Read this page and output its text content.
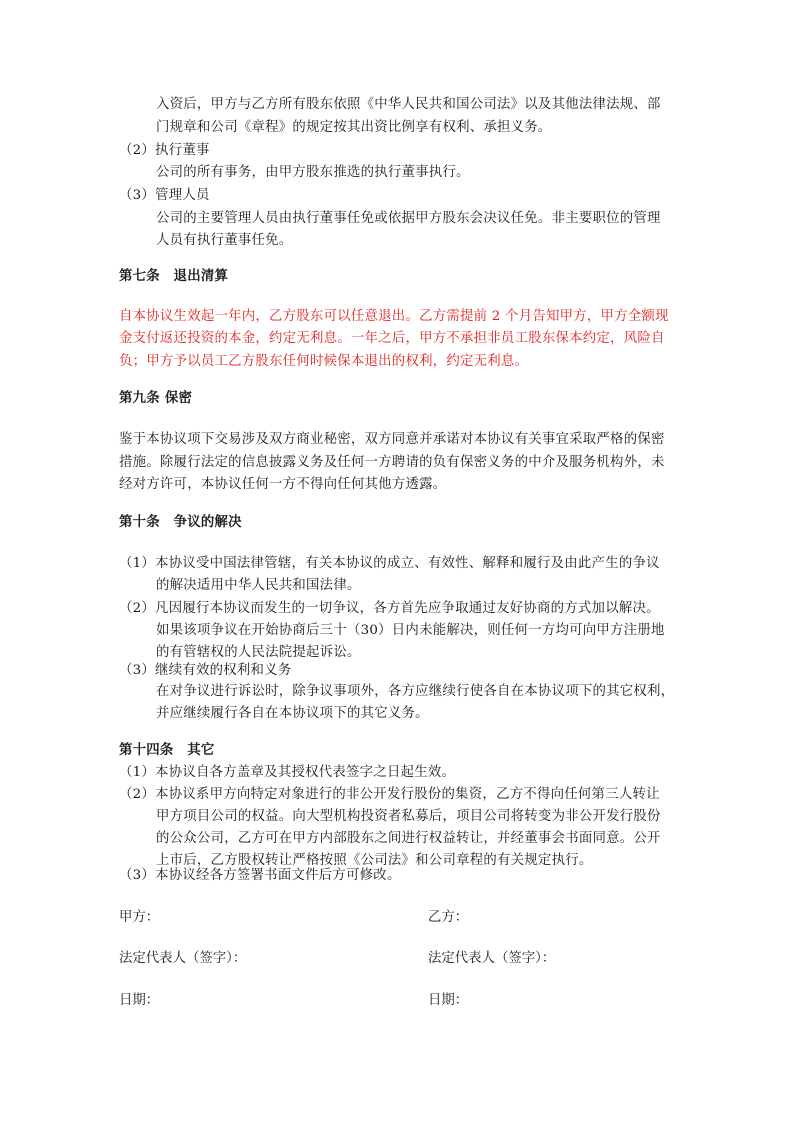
入资后，甲方与乙方所有股东依照《中华人民共和国公司法》以及其他法律法规、部
门规章和公司《章程》的规定按其出资比例享有权利、承担义务。
（2）执行董事
公司的所有事务，由甲方股东推选的执行董事执行。
（3）管理人员
公司的主要管理人员由执行董事任免或依据甲方股东会决议任免。非主要职位的管理
人员有执行董事任免。
第七条　退出清算
自本协议生效起一年内，乙方股东可以任意退出。乙方需提前 2 个月告知甲方，甲方全额现
金支付返还投资的本金，约定无利息。一年之后，甲方不承担非员工股东保本约定，风险自
负；甲方予以员工乙方股东任何时候保本退出的权利，约定无利息。
第九条 保密
鉴于本协议项下交易涉及双方商业秘密，双方同意并承诺对本协议有关事宜采取严格的保密
措施。除履行法定的信息披露义务及任何一方聘请的负有保密义务的中介及服务机构外，未
经对方许可，本协议任何一方不得向任何其他方透露。
第十条　争议的解决
（1）本协议受中国法律管辖，有关本协议的成立、有效性、解释和履行及由此产生的争议
的解决适用中华人民共和国法律。
（2）凡因履行本协议而发生的一切争议，各方首先应争取通过友好协商的方式加以解决。
如果该项争议在开始协商后三十（30）日内未能解决，则任何一方均可向甲方注册地
的有管辖权的人民法院提起诉讼。
（3）继续有效的权利和义务
在对争议进行诉讼时，除争议事项外，各方应继续行使各自在本协议项下的其它权利，
并应继续履行各自在本协议项下的其它义务。
第十四条　其它
（1）本协议自各方盖章及其授权代表签字之日起生效。
（2）本协议系甲方向特定对象进行的非公开发行股份的集资，乙方不得向任何第三人转让
甲方项目公司的权益。向大型机构投资者私募后，项目公司将转变为非公开发行股份
的公众公司，乙方可在甲方内部股东之间进行权益转让，并经董事会书面同意。公开
上市后，乙方股权转让严格按照《公司法》和公司章程的有关规定执行。
（3）本协议经各方签署书面文件后方可修改。
甲方：	乙方：
法定代表人（签字）：	法定代表人（签字）：
日期：	日期：
